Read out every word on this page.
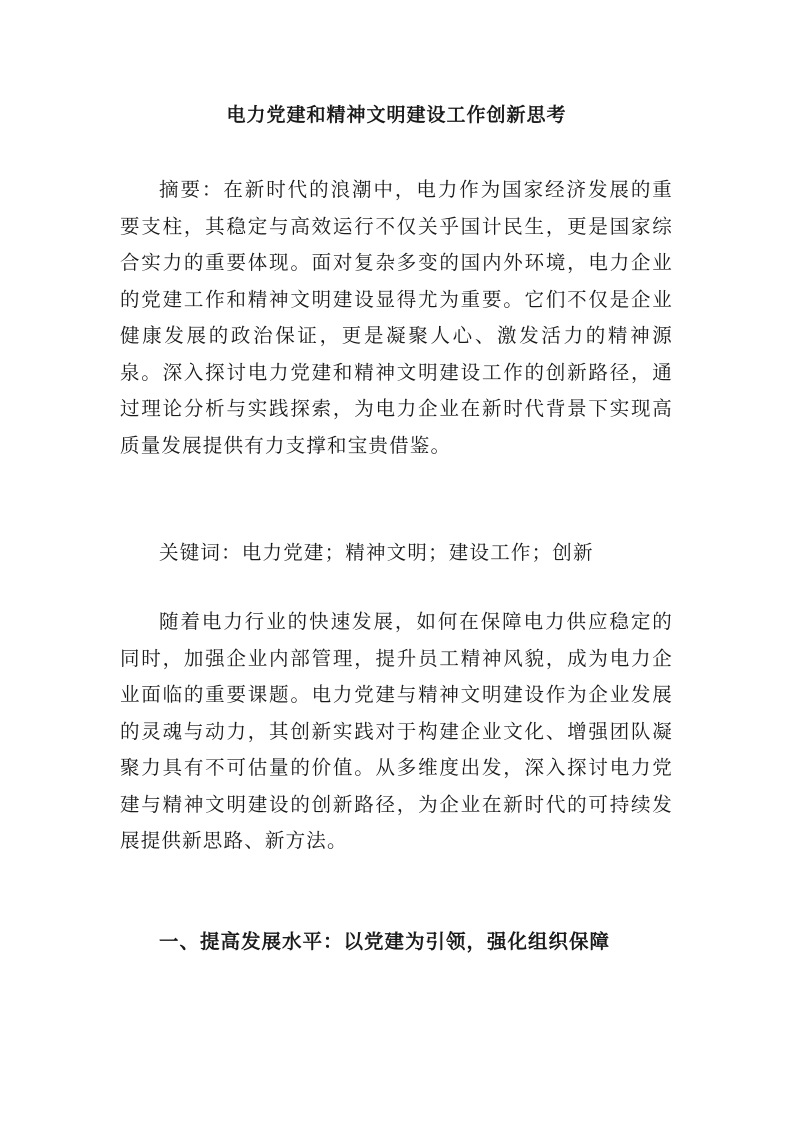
电力党建和精神文明建设工作创新思考

摘要：在新时代的浪潮中，电力作为国家经济发展的重要支柱，其稳定与高效运行不仅关乎国计民生，更是国家综合实力的重要体现。面对复杂多变的国内外环境，电力企业的党建工作和精神文明建设显得尤为重要。它们不仅是企业健康发展的政治保证，更是凝聚人心、激发活力的精神源泉。深入探讨电力党建和精神文明建设工作的创新路径，通过理论分析与实践探索，为电力企业在新时代背景下实现高质量发展提供有力支撑和宝贵借鉴。

关键词：电力党建；精神文明；建设工作；创新

随着电力行业的快速发展，如何在保障电力供应稳定的同时，加强企业内部管理，提升员工精神风貌，成为电力企业面临的重要课题。电力党建与精神文明建设作为企业发展的灵魂与动力，其创新实践对于构建企业文化、增强团队凝聚力具有不可估量的价值。从多维度出发，深入探讨电力党建与精神文明建设的创新路径，为企业在新时代的可持续发展提供新思路、新方法。

一、提高发展水平：以党建为引领，强化组织保障
